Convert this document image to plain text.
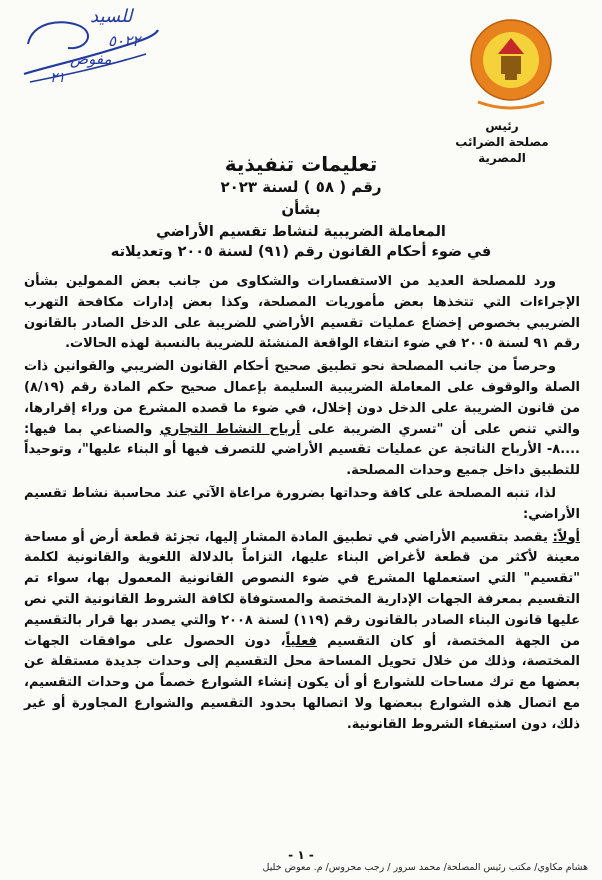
للسيد
٥٠٢٢
مفوض
٢١
رئيس
مصلحة الضرائب المصرية
تعليمات تنفيذية
رقم ( ٥٨ ) لسنة ٢٠٢٣
بشأن
المعاملة الضريبية لنشاط تقسيم الأراضي
في ضوء أحكام القانون رقم (٩١) لسنة ٢٠٠٥ وتعديلاته

ورد للمصلحة العديد من الاستفسارات والشكاوى من جانب بعض الممولين بشأن الإجراءات التي تتخذها بعض مأموريات المصلحة، وكذا بعض إدارات مكافحة التهرب الضريبي بخصوص إخضاع عمليات تقسيم الأراضي للضريبة على الدخل الصادر بالقانون رقم ٩١ لسنة ٢٠٠٥ في ضوء انتفاء الواقعة المنشئة للضريبة بالنسبة لهذه الحالات.

وحرصاً من جانب المصلحة نحو تطبيق صحيح أحكام القانون الضريبي والقوانين ذات الصلة والوقوف على المعاملة الضريبية السليمة بإعمال صحيح حكم المادة رقم (٨/١٩) من قانون الضريبة على الدخل دون إخلال، في ضوء ما قصده المشرع من وراء إقرارها، والتي تنص على أن "تسري الضريبة على أرباح النشاط التجاري والصناعي بما فيها: ....٨- الأرباح الناتجة عن عمليات تقسيم الأراضي للتصرف فيها أو البناء عليها"، وتوحيداً للتطبيق داخل جميع وحدات المصلحة.

لذا، تنبه المصلحة على كافة وحداتها بضرورة مراعاة الآتي عند محاسبة نشاط تقسيم الأراضي:

أولاً: يقصد بتقسيم الأراضي في تطبيق المادة المشار إليها، تجزئة قطعة أرض أو مساحة معينة لأكثر من قطعة لأغراض البناء عليها، التزاماً بالدلالة اللغوية والقانونية لكلمة "تقسيم" التي استعملها المشرع في ضوء النصوص القانونية المعمول بها، سواء تم التقسيم بمعرفة الجهات الإدارية المختصة والمستوفاة لكافة الشروط القانونية التي نص عليها قانون البناء الصادر بالقانون رقم (١١٩) لسنة ٢٠٠٨ والتي يصدر بها قرار بالتقسيم من الجهة المختصة، أو كان التقسيم فعلياً، دون الحصول على موافقات الجهات المختصة، وذلك من خلال تحويل المساحة محل التقسيم إلى وحدات جديدة مستقلة عن بعضها مع ترك مساحات للشوارع أو أن يكون إنشاء الشوارع خصماً من وحدات التقسيم، مع اتصال هذه الشوارع ببعضها ولا اتصالها بحدود التقسيم والشوارع المجاورة أو غير ذلك، دون استيفاء الشروط القانونية.

- ١ -
هشام مكاوي/ مكتب رئيس المصلحة/ محمد سرور / رجب محروس/ م. معوض خليل
